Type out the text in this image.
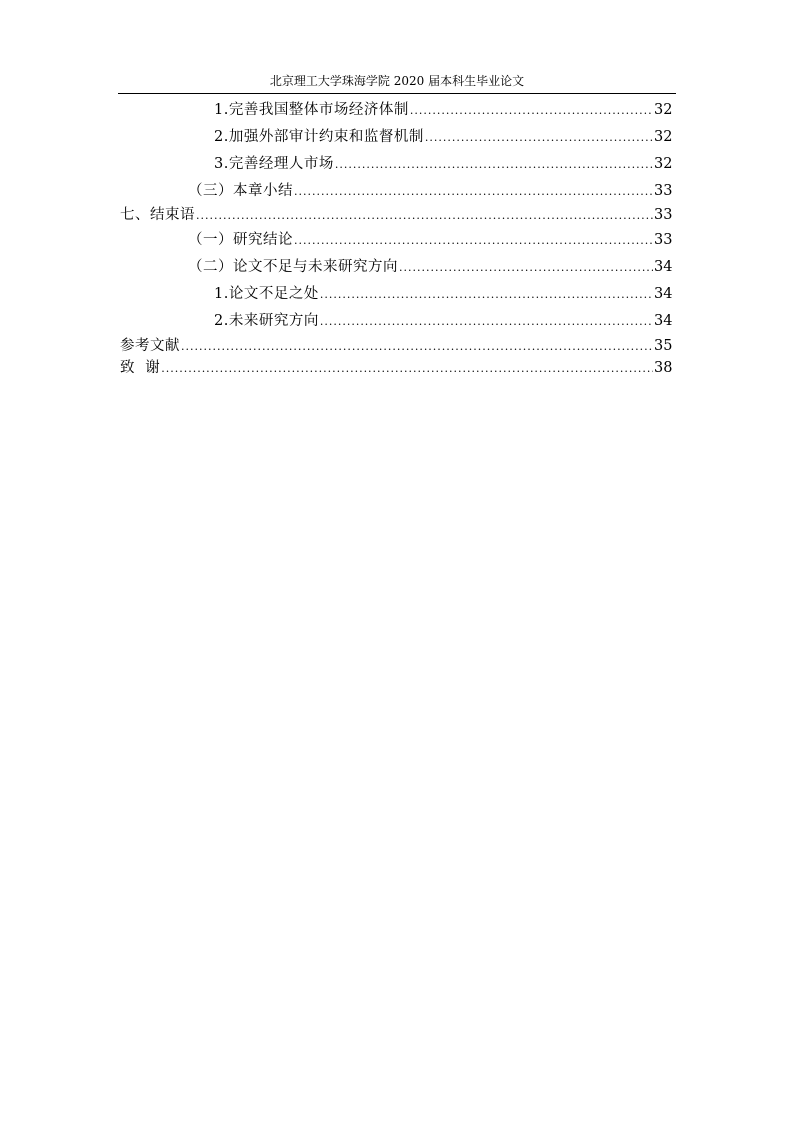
北京理工大学珠海学院 2020 届本科生毕业论文
1.完善我国整体市场经济体制 .....	32
2.加强外部审计约束和监督机制 .....	32
3.完善经理人市场 .....	32
（三）本章小结 .....	33
七、结束语 .....	33
（一）研究结论 .....	33
（二）论文不足与未来研究方向 .....	34
1.论文不足之处 .....	34
2.未来研究方向 .....	34
参考文献 .....	35
致  谢 .....	38
